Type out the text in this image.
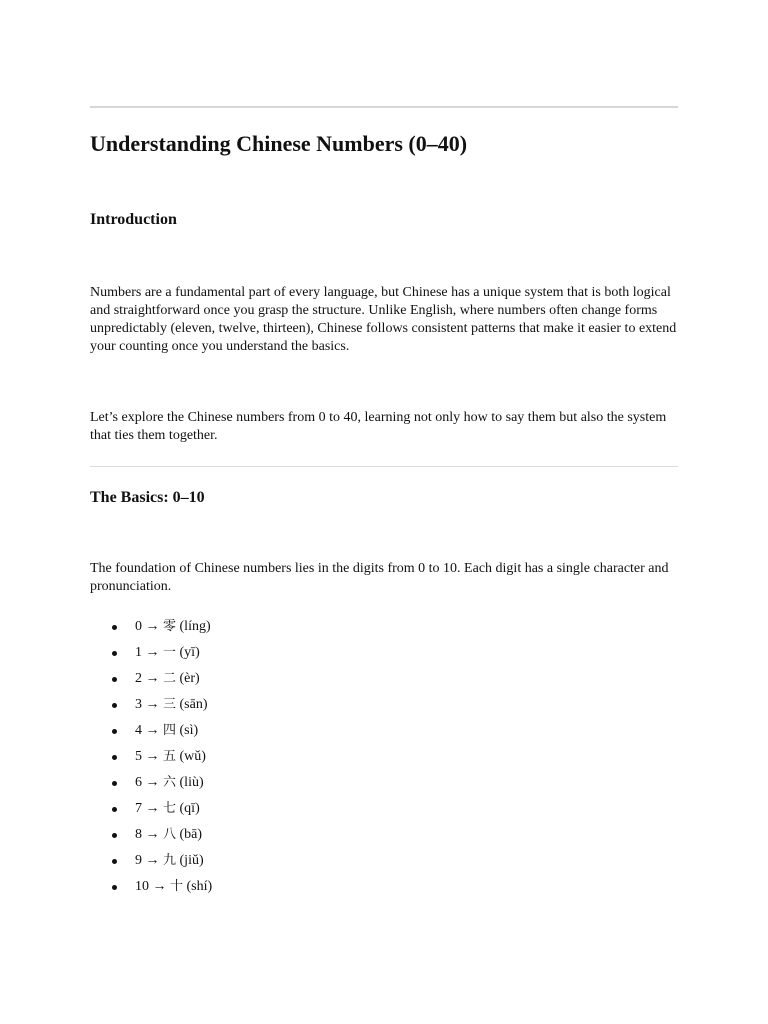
Understanding Chinese Numbers (0–40)
Introduction

Numbers are a fundamental part of every language, but Chinese has a unique system that is both logical and straightforward once you grasp the structure. Unlike English, where numbers often change forms unpredictably (eleven, twelve, thirteen), Chinese follows consistent patterns that make it easier to extend your counting once you understand the basics.

Let’s explore the Chinese numbers from 0 to 40, learning not only how to say them but also the system that ties them together.

The Basics: 0–10

The foundation of Chinese numbers lies in the digits from 0 to 10. Each digit has a single character and pronunciation.

0 → 零 (líng)
1 → 一 (yī)
2 → 二 (èr)
3 → 三 (sān)
4 → 四 (sì)
5 → 五 (wǔ)
6 → 六 (liù)
7 → 七 (qī)
8 → 八 (bā)
9 → 九 (jiǔ)
10 → 十 (shí)
